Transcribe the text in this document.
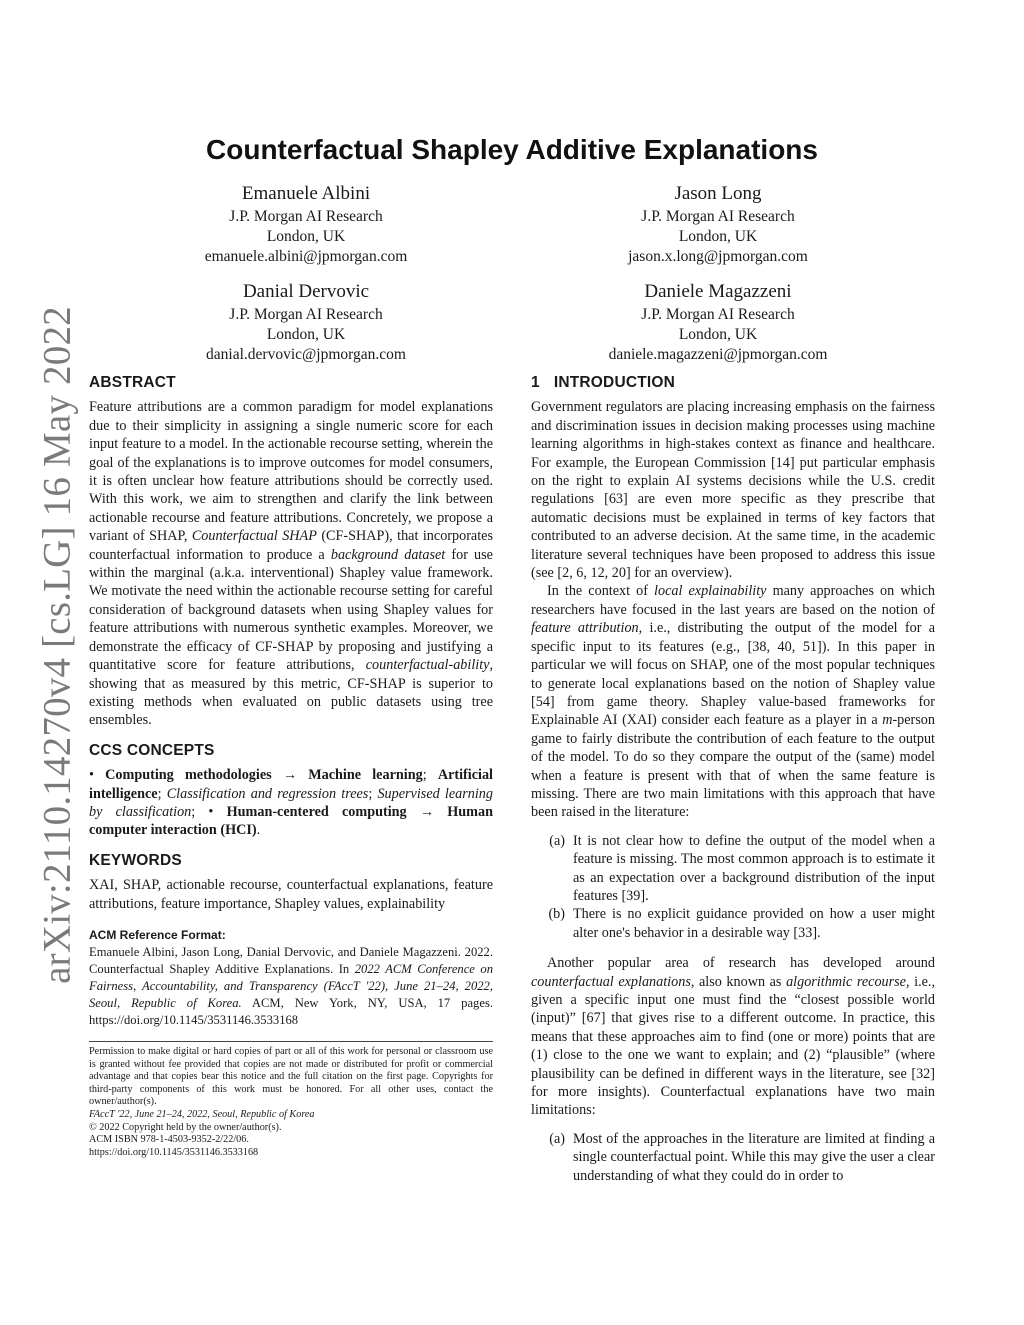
arXiv:2110.14270v4 [cs.LG] 16 May 2022
Counterfactual Shapley Additive Explanations
Emanuele Albini
J.P. Morgan AI Research
London, UK
emanuele.albini@jpmorgan.com
Jason Long
J.P. Morgan AI Research
London, UK
jason.x.long@jpmorgan.com
Danial Dervovic
J.P. Morgan AI Research
London, UK
danial.dervovic@jpmorgan.com
Daniele Magazzeni
J.P. Morgan AI Research
London, UK
daniele.magazzeni@jpmorgan.com
ABSTRACT

Feature attributions are a common paradigm for model explanations due to their simplicity in assigning a single numeric score for each input feature to a model. In the actionable recourse setting, wherein the goal of the explanations is to improve outcomes for model consumers, it is often unclear how feature attributions should be correctly used. With this work, we aim to strengthen and clarify the link between actionable recourse and feature attributions. Concretely, we propose a variant of SHAP, Counterfactual SHAP (CF-SHAP), that incorporates counterfactual information to produce a background dataset for use within the marginal (a.k.a. interventional) Shapley value framework. We motivate the need within the actionable recourse setting for careful consideration of background datasets when using Shapley values for feature attributions with numerous synthetic examples. Moreover, we demonstrate the efficacy of CF-SHAP by proposing and justifying a quantitative score for feature attributions, counterfactual-ability, showing that as measured by this metric, CF-SHAP is superior to existing methods when evaluated on public datasets using tree ensembles.

CCS CONCEPTS

• Computing methodologies → Machine learning; Artificial intelligence; Classification and regression trees; Supervised learning by classification; • Human-centered computing → Human computer interaction (HCI).

KEYWORDS

XAI, SHAP, actionable recourse, counterfactual explanations, feature attributions, feature importance, Shapley values, explainability

ACM Reference Format:

Emanuele Albini, Jason Long, Danial Dervovic, and Daniele Magazzeni. 2022. Counterfactual Shapley Additive Explanations. In 2022 ACM Conference on Fairness, Accountability, and Transparency (FAccT '22), June 21–24, 2022, Seoul, Republic of Korea. ACM, New York, NY, USA, 17 pages. https://doi.org/10.1145/3531146.3533168

Permission to make digital or hard copies of part or all of this work for personal or classroom use is granted without fee provided that copies are not made or distributed for profit or commercial advantage and that copies bear this notice and the full citation on the first page. Copyrights for third-party components of this work must be honored. For all other uses, contact the owner/author(s).

FAccT '22, June 21–24, 2022, Seoul, Republic of Korea
© 2022 Copyright held by the owner/author(s).
ACM ISBN 978-1-4503-9352-2/22/06.
https://doi.org/10.1145/3531146.3533168
1 INTRODUCTION

Government regulators are placing increasing emphasis on the fairness and discrimination issues in decision making processes using machine learning algorithms in high-stakes context as finance and healthcare. For example, the European Commission [14] put particular emphasis on the right to explain AI systems decisions while the U.S. credit regulations [63] are even more specific as they prescribe that automatic decisions must be explained in terms of key factors that contributed to an adverse decision. At the same time, in the academic literature several techniques have been proposed to address this issue (see [2, 6, 12, 20] for an overview).

In the context of local explainability many approaches on which researchers have focused in the last years are based on the notion of feature attribution, i.e., distributing the output of the model for a specific input to its features (e.g., [38, 40, 51]). In this paper in particular we will focus on SHAP, one of the most popular techniques to generate local explanations based on the notion of Shapley value [54] from game theory. Shapley value-based frameworks for Explainable AI (XAI) consider each feature as a player in a m-person game to fairly distribute the contribution of each feature to the output of the model. To do so they compare the output of the (same) model when a feature is present with that of when the same feature is missing. There are two main limitations with this approach that have been raised in the literature:

(a) It is not clear how to define the output of the model when a feature is missing. The most common approach is to estimate it as an expectation over a background distribution of the input features [39].
(b) There is no explicit guidance provided on how a user might alter one's behavior in a desirable way [33].

Another popular area of research has developed around counterfactual explanations, also known as algorithmic recourse, i.e., given a specific input one must find the “closest possible world (input)” [67] that gives rise to a different outcome. In practice, this means that these approaches aim to find (one or more) points that are (1) close to the one we want to explain; and (2) “plausible” (where plausibility can be defined in different ways in the literature, see [32] for more insights). Counterfactual explanations have two main limitations:

(a) Most of the approaches in the literature are limited at finding a single counterfactual point. While this may give the user a clear understanding of what they could do in order to
